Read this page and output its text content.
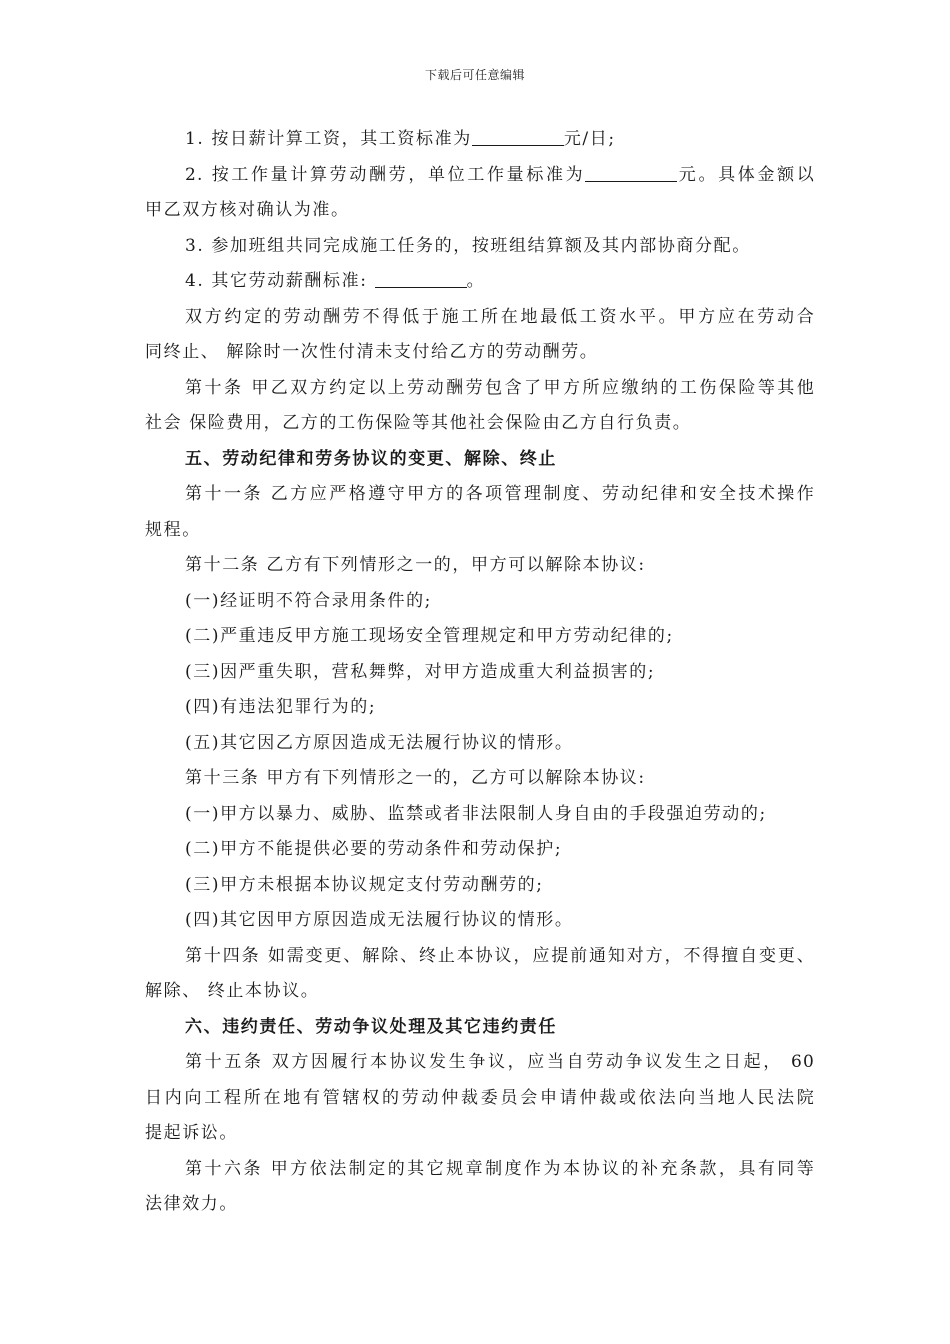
下载后可任意编辑
1. 按日薪计算工资，其工资标准为	元/日;
2. 按工作量计算劳动酬劳，单位工作量标准为	元。具体金额以
甲乙双方核对确认为准。
3. 参加班组共同完成施工任务的，按班组结算额及其内部协商分配。
4. 其它劳动薪酬标准:	。
双方约定的劳动酬劳不得低于施工所在地最低工资水平。甲方应在劳动合
同终止、 解除时一次性付清未支付给乙方的劳动酬劳。
第十条 甲乙双方约定以上劳动酬劳包含了甲方所应缴纳的工伤保险等其他
社会 保险费用，乙方的工伤保险等其他社会保险由乙方自行负责。
五、劳动纪律和劳务协议的变更、解除、终止
第十一条 乙方应严格遵守甲方的各项管理制度、劳动纪律和安全技术操作
规程。
第十二条 乙方有下列情形之一的，甲方可以解除本协议:
(一)经证明不符合录用条件的;
(二)严重违反甲方施工现场安全管理规定和甲方劳动纪律的;
(三)因严重失职，营私舞弊，对甲方造成重大利益损害的;
(四)有违法犯罪行为的;
(五)其它因乙方原因造成无法履行协议的情形。
第十三条 甲方有下列情形之一的，乙方可以解除本协议:
(一)甲方以暴力、威胁、监禁或者非法限制人身自由的手段强迫劳动的;
(二)甲方不能提供必要的劳动条件和劳动保护;
(三)甲方未根据本协议规定支付劳动酬劳的;
(四)其它因甲方原因造成无法履行协议的情形。
第十四条 如需变更、解除、终止本协议，应提前通知对方，不得擅自变更、
解除、 终止本协议。
六、违约责任、劳动争议处理及其它违约责任
第十五条 双方因履行本协议发生争议，应当自劳动争议发生之日起， 60
日内向工程所在地有管辖权的劳动仲裁委员会申请仲裁或依法向当地人民法院
提起诉讼。
第十六条 甲方依法制定的其它规章制度作为本协议的补充条款，具有同等
法律效力。
